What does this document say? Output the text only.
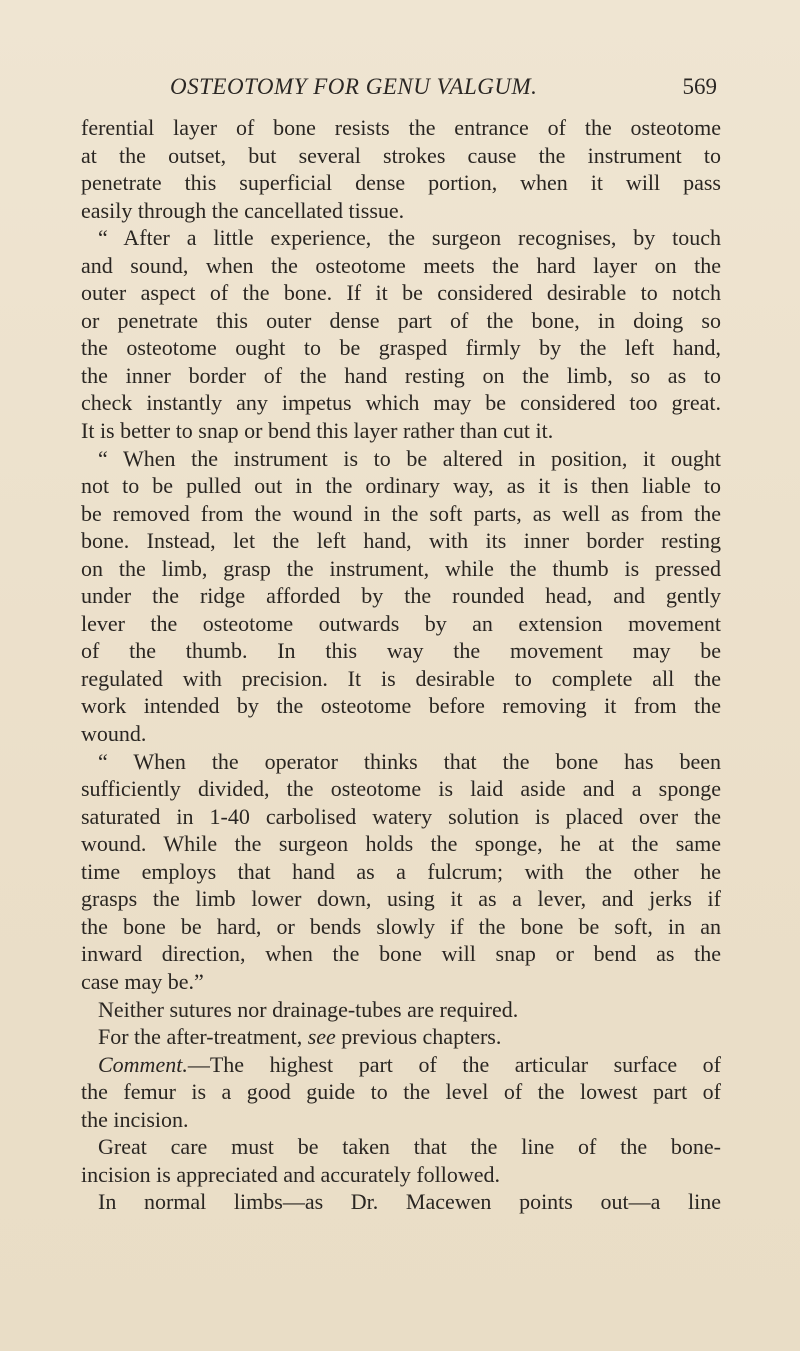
OSTEOTOMY FOR GENU VALGUM.	569
ferential layer of bone resists the entrance of the osteotome
at the outset, but several strokes cause the instrument to
penetrate this superficial dense portion, when it will pass
easily through the cancellated tissue.
“ After a little experience, the surgeon recognises, by touch
and sound, when the osteotome meets the hard layer on the
outer aspect of the bone. If it be considered desirable to notch
or penetrate this outer dense part of the bone, in doing so
the osteotome ought to be grasped firmly by the left hand,
the inner border of the hand resting on the limb, so as to
check instantly any impetus which may be considered too great.
It is better to snap or bend this layer rather than cut it.
“ When the instrument is to be altered in position, it ought
not to be pulled out in the ordinary way, as it is then liable to
be removed from the wound in the soft parts, as well as from the
bone. Instead, let the left hand, with its inner border resting
on the limb, grasp the instrument, while the thumb is pressed
under the ridge afforded by the rounded head, and gently
lever the osteotome outwards by an extension movement
of the thumb. In this way the movement may be
regulated with precision. It is desirable to complete all the
work intended by the osteotome before removing it from the
wound.
“ When the operator thinks that the bone has been
sufficiently divided, the osteotome is laid aside and a sponge
saturated in 1-40 carbolised watery solution is placed over the
wound. While the surgeon holds the sponge, he at the same
time employs that hand as a fulcrum; with the other he
grasps the limb lower down, using it as a lever, and jerks if
the bone be hard, or bends slowly if the bone be soft, in an
inward direction, when the bone will snap or bend as the
case may be.”
Neither sutures nor drainage-tubes are required.
For the after-treatment, see previous chapters.
Comment.—The highest part of the articular surface of
the femur is a good guide to the level of the lowest part of
the incision.
Great care must be taken that the line of the bone-
incision is appreciated and accurately followed.
In normal limbs—as Dr. Macewen points out—a line
